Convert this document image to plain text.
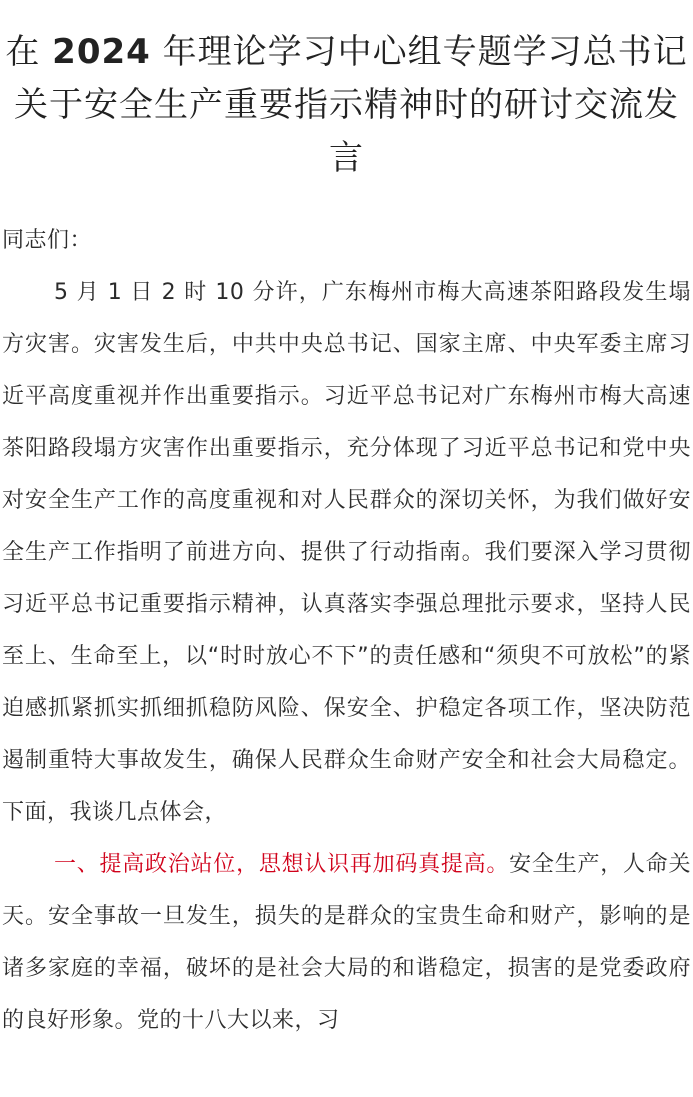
在 2024 年理论学习中心组专题学习总书记关于安全生产重要指示精神时的研讨交流发言

同志们：

5 月 1 日 2 时 10 分许，广东梅州市梅大高速茶阳路段发生塌方灾害。灾害发生后，中共中央总书记、国家主席、中央军委主席习近平高度重视并作出重要指示。习近平总书记对广东梅州市梅大高速茶阳路段塌方灾害作出重要指示，充分体现了习近平总书记和党中央对安全生产工作的高度重视和对人民群众的深切关怀，为我们做好安全生产工作指明了前进方向、提供了行动指南。我们要深入学习贯彻习近平总书记重要指示精神，认真落实李强总理批示要求，坚持人民至上、生命至上，以“时时放心不下”的责任感和“须臾不可放松”的紧迫感抓紧抓实抓细抓稳防风险、保安全、护稳定各项工作，坚决防范遏制重特大事故发生，确保人民群众生命财产安全和社会大局稳定。下面，我谈几点体会，

一、提高政治站位，思想认识再加码真提高。安全生产，人命关天。安全事故一旦发生，损失的是群众的宝贵生命和财产，影响的是诸多家庭的幸福，破坏的是社会大局的和谐稳定，损害的是党委政府的良好形象。党的十八大以来，习
